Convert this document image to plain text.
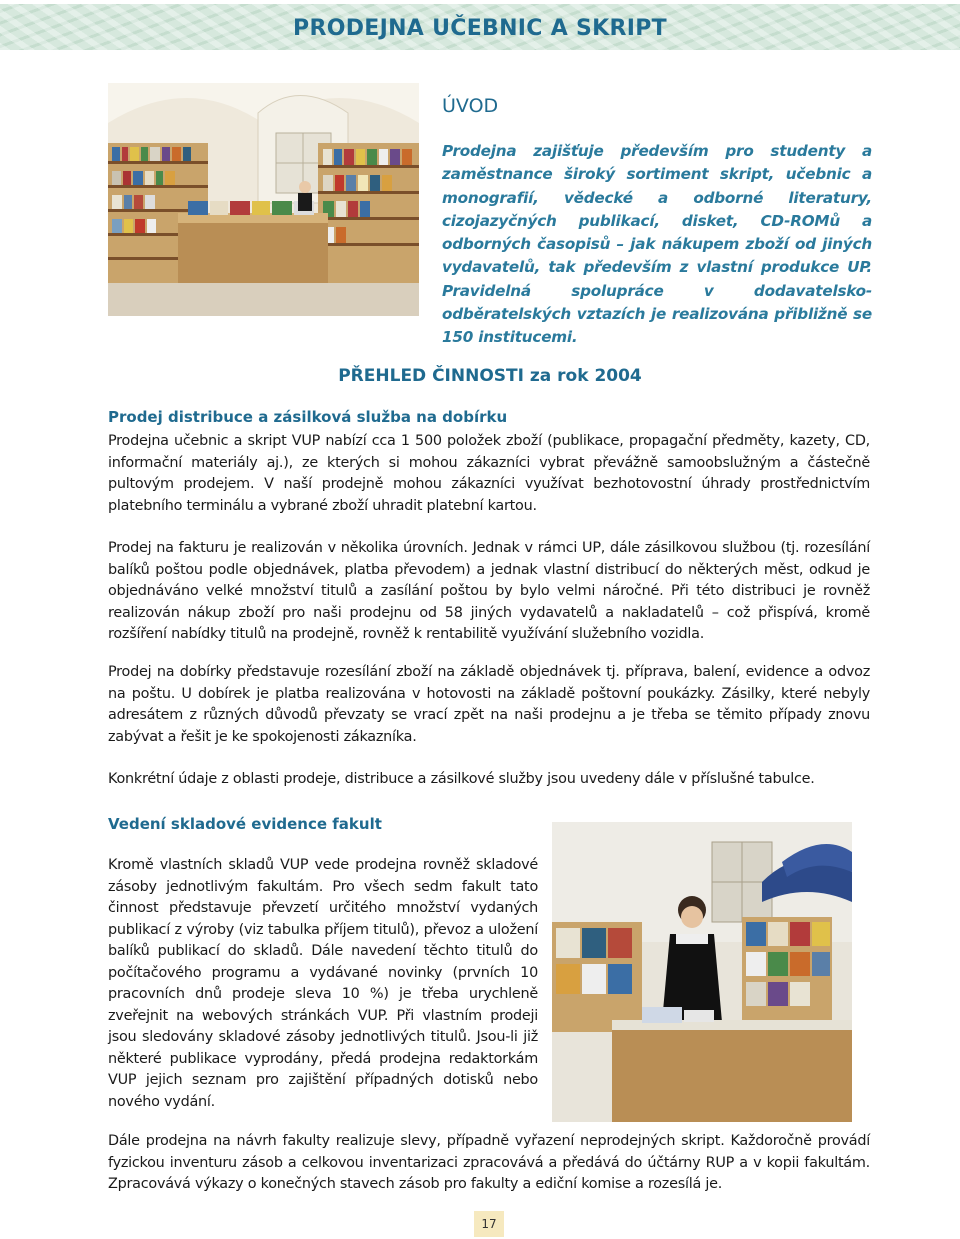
PRODEJNA UČEBNIC A SKRIPT
ÚVOD

Prodejna zajišťuje především pro studenty a zaměstnance široký sortiment skript, učebnic a monografií, vědecké a odborné literatury, cizojazyčných publikací, disket, CD-ROMů a odborných časopisů – jak nákupem zboží od jiných vydavatelů, tak především z vlastní produkce UP. Pravidelná spolupráce v dodavatelsko-odběratelských vztazích je realizována přibližně se 150 institucemi.

PŘEHLED ČINNOSTI za rok 2004
Prodej distribuce a zásilková služba na dobírku

Prodejna učebnic a skript VUP nabízí cca 1 500 položek zboží (publikace, propagační předměty, kazety, CD, informační materiály aj.), ze kterých si mohou zákazníci vybrat převážně samoobslužným a částečně pultovým prodejem. V naší prodejně mohou zákazníci využívat bezhotovostní úhrady prostřednictvím platebního terminálu a vybrané zboží uhradit platební kartou.

Prodej na fakturu je realizován v několika úrovních. Jednak v rámci UP, dále zásilkovou službou (tj. rozesílání balíků poštou podle objednávek, platba převodem) a jednak vlastní distribucí do některých měst, odkud je objednáváno velké množství titulů a zasílání poštou by bylo velmi náročné. Při této distribuci je rovněž realizován nákup zboží pro naši prodejnu od 58 jiných vydavatelů a nakladatelů – což přispívá, kromě rozšíření nabídky titulů na prodejně, rovněž k rentabilitě využívání služebního vozidla.

Prodej na dobírky představuje rozesílání zboží na základě objednávek tj. příprava, balení, evidence a odvoz na poštu. U dobírek je platba realizována v hotovosti na základě poštovní poukázky. Zásilky, které nebyly adresátem z různých důvodů převzaty se vrací zpět na naši prodejnu a je třeba se těmito případy znovu zabývat a řešit je ke spokojenosti zákazníka.

Konkrétní údaje z oblasti prodeje, distribuce a zásilkové služby jsou uvedeny dále v příslušné tabulce.

Vedení skladové evidence fakult

Kromě vlastních skladů VUP vede prodejna rovněž skladové zásoby jednotlivým fakultám. Pro všech sedm fakult tato činnost představuje převzetí určitého množství vydaných publikací z výroby (viz tabulka příjem titulů), převoz a uložení balíků publikací do skladů. Dále navedení těchto titulů do počítačového programu a vydávané novinky (prvních 10 pracovních dnů prodeje sleva 10 %) je třeba urychleně zveřejnit na webových stránkách VUP. Při vlastním prodeji jsou sledovány skladové zásoby jednotlivých titulů. Jsou-li již některé publikace vyprodány, předá prodejna redaktorkám VUP jejich seznam pro zajištění případných dotisků nebo nového vydání.

Dále prodejna na návrh fakulty realizuje slevy, případně vyřazení neprodejných skript. Každoročně provádí fyzickou inventuru zásob a celkovou inventarizaci zpracovává a předává do účtárny RUP a v kopii fakultám. Zpracovává výkazy o konečných stavech zásob pro fakulty a ediční komise a rozesílá je.

17
